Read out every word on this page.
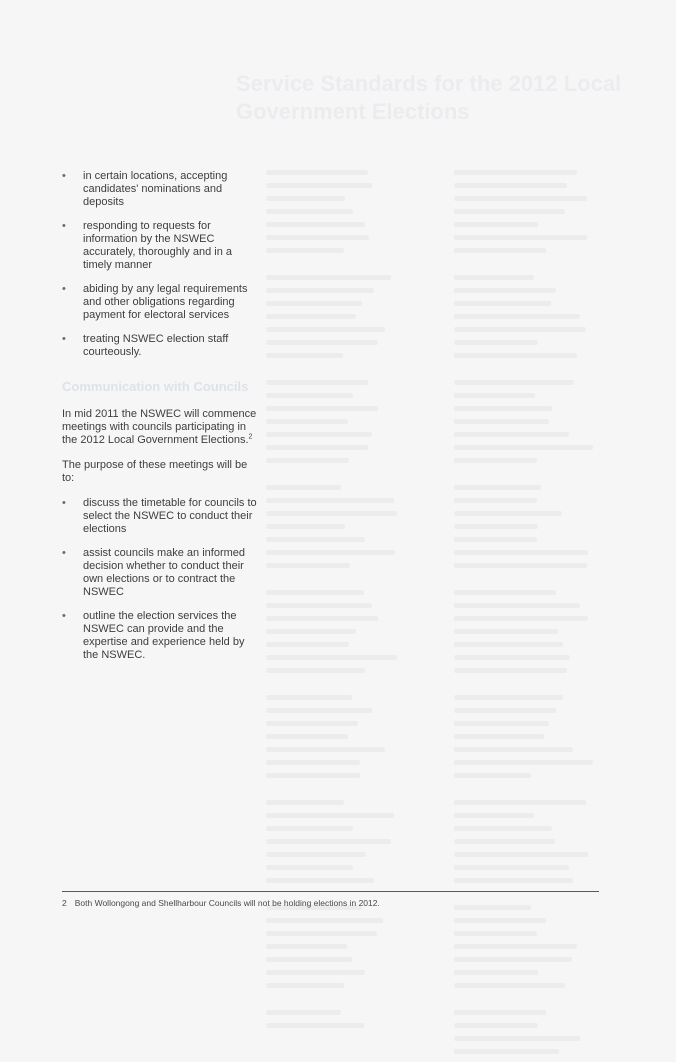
Service Standards for the 2012 Local Government Elections
• in certain locations, accepting candidates' nominations and deposits
• responding to requests for information by the NSWEC accurately, thoroughly and in a timely manner
• abiding by any legal requirements and other obligations regarding payment for electoral services
• treating NSWEC election staff courteously.
Communication with Councils

In mid 2011 the NSWEC will commence meetings with councils participating in the 2012 Local Government Elections.$^2$

The purpose of these meetings will be to:

• discuss the timetable for councils to select the NSWEC to conduct their elections
• assist councils make an informed decision whether to conduct their own elections or to contract the NSWEC
• outline the election services the NSWEC can provide and the expertise and experience held by the NSWEC.
2 Both Wollongong and Shellharbour Councils will not be holding elections in 2012.
